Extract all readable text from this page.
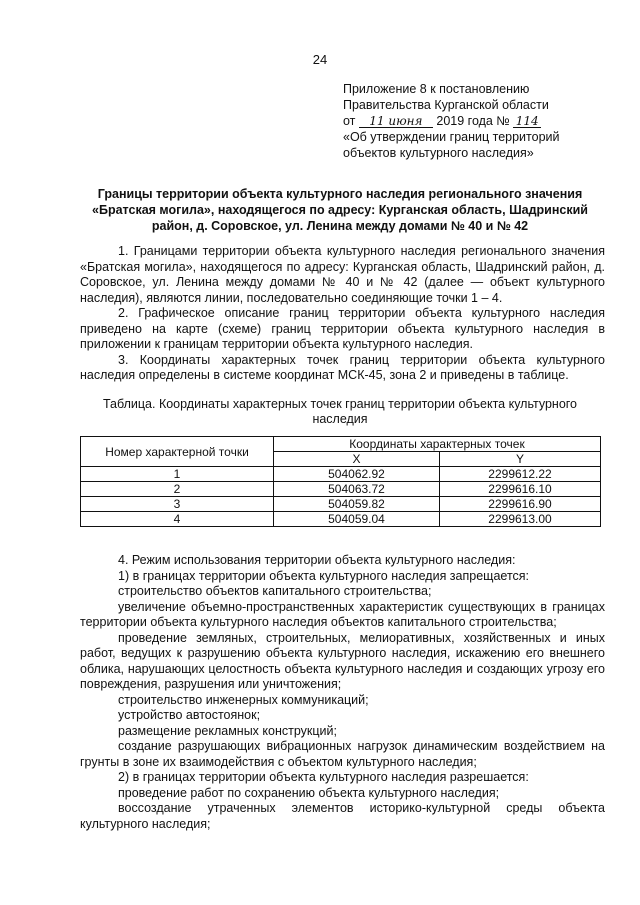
24
Приложение 8 к постановлению
Правительства Курганской области
от 11 июня 2019 года № 114
«Об утверждении границ территорий
объектов культурного наследия»
Границы территории объекта культурного наследия регионального значения «Братская могила», находящегося по адресу: Курганская область, Шадринский район, д. Соровское, ул. Ленина между домами № 40 и № 42

1. Границами территории объекта культурного наследия регионального значения «Братская могила», находящегося по адресу: Курганская область, Шадринский район, д. Соровское, ул. Ленина между домами № 40 и № 42 (далее — объект культурного наследия), являются линии, последовательно соединяющие точки 1 – 4.

2. Графическое описание границ территории объекта культурного наследия приведено на карте (схеме) границ территории объекта культурного наследия в приложении к границам территории объекта культурного наследия.

3. Координаты характерных точек границ территории объекта культурного наследия определены в системе координат МСК-45, зона 2 и приведены в таблице.

Таблица. Координаты характерных точек границ территории объекта культурного наследия
Номер характерной точки	Координаты характерных точек	
	X	Y
1	504062.92	2299612.22
2	504063.72	2299616.10
3	504059.82	2299616.90
4	504059.04	2299613.00

4. Режим использования территории объекта культурного наследия:

1) в границах территории объекта культурного наследия запрещается:

строительство объектов капитального строительства;

увеличение объемно-пространственных характеристик существующих в границах территории объекта культурного наследия объектов капитального строительства;

проведение земляных, строительных, мелиоративных, хозяйственных и иных работ, ведущих к разрушению объекта культурного наследия, искажению его внешнего облика, нарушающих целостность объекта культурного наследия и создающих угрозу его повреждения, разрушения или уничтожения;

строительство инженерных коммуникаций;

устройство автостоянок;

размещение рекламных конструкций;

создание разрушающих вибрационных нагрузок динамическим воздействием на грунты в зоне их взаимодействия с объектом культурного наследия;

2) в границах территории объекта культурного наследия разрешается:

проведение работ по сохранению объекта культурного наследия;

воссоздание утраченных элементов историко-культурной среды объекта культурного наследия;
